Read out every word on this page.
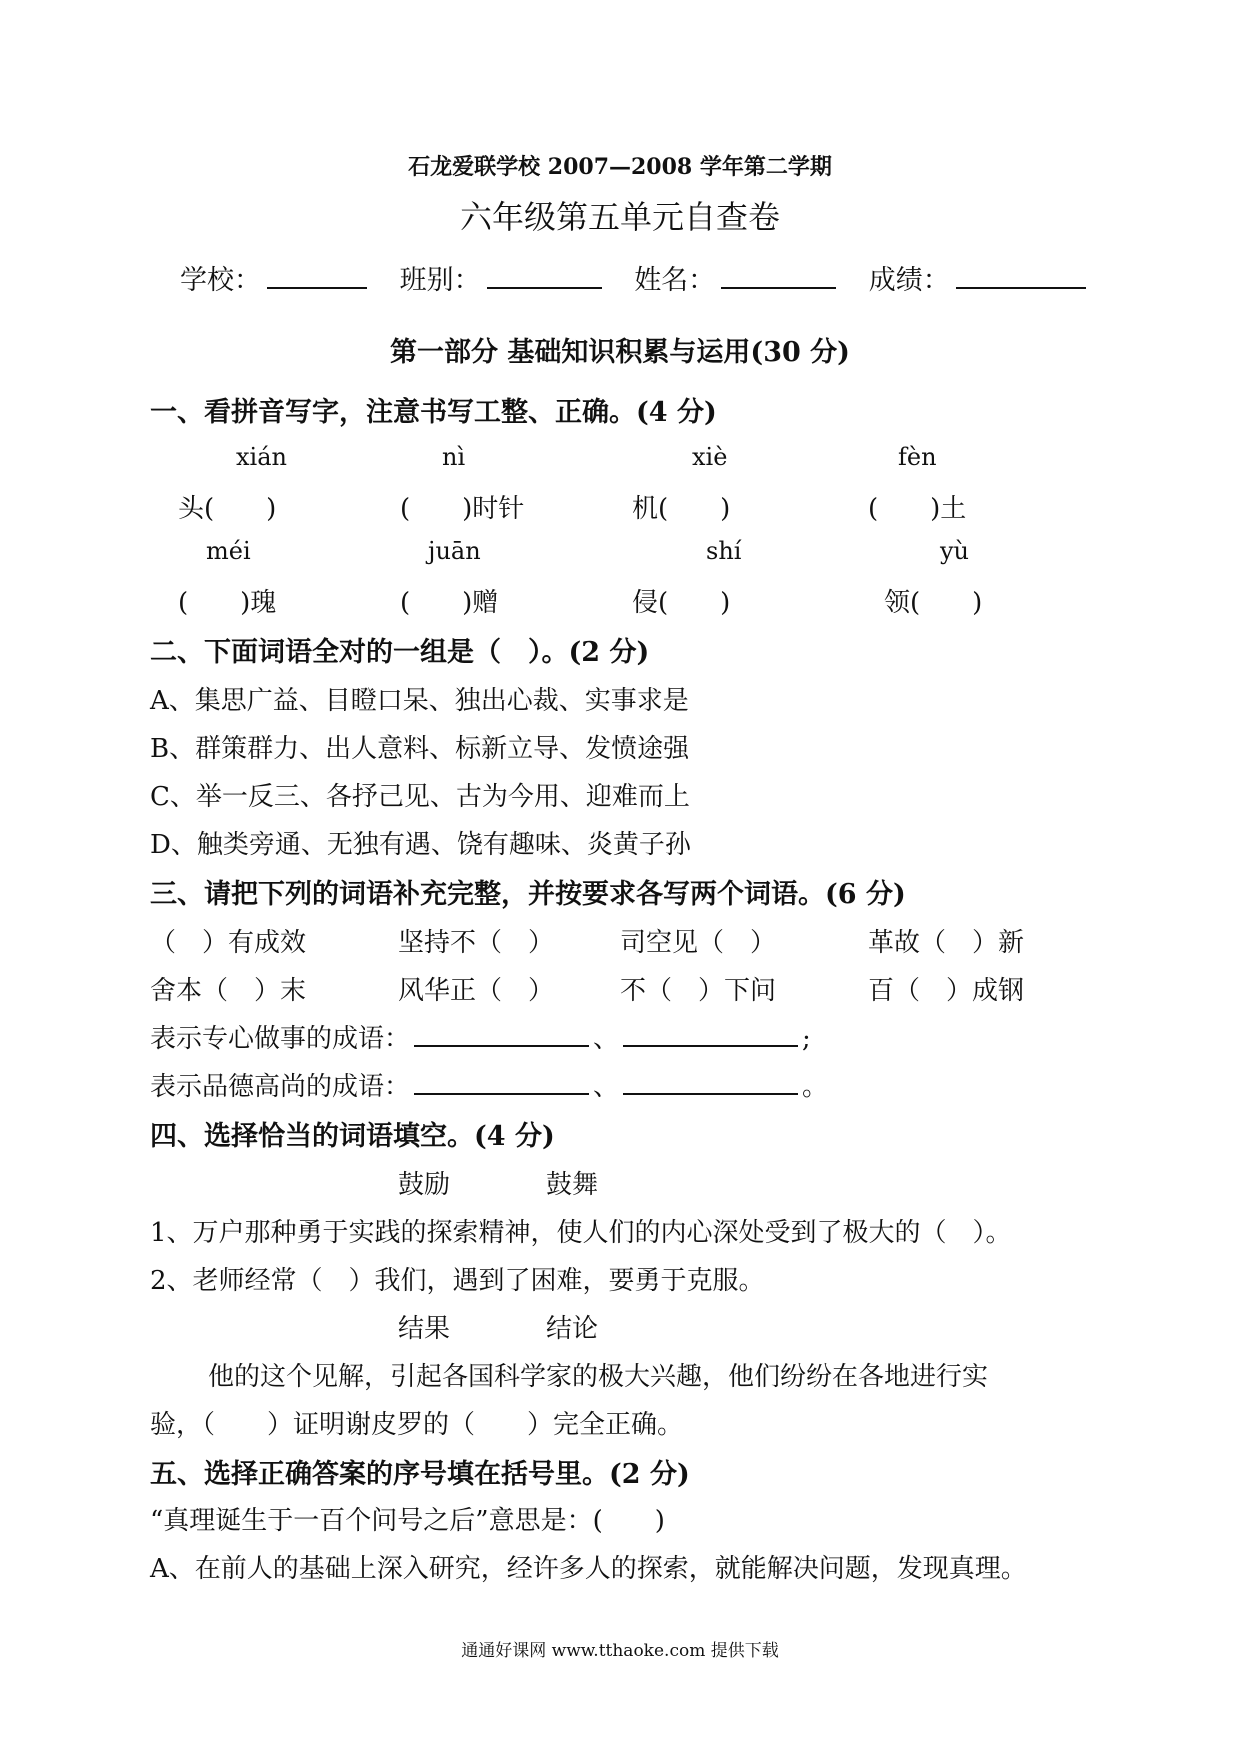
石龙爱联学校 2007—2008 学年第二学期
六年级第五单元自查卷
学校：	班别：	姓名：	成绩：
第一部分 基础知识积累与运用(30 分)
一、看拼音写字，注意书写工整、正确。(4 分)
xián	nì	xiè	fèn
头(　　)	(　　)时针	机(　　)	(　　)土
méi	juān	shí	yù
(　　)瑰	(　　)赠	侵(　　)	领(　　)
二、下面词语全对的一组是（　）。(2 分)
A、集思广益、目瞪口呆、独出心裁、实事求是
B、群策群力、出人意料、标新立导、发愤途强
C、举一反三、各抒己见、古为今用、迎难而上
D、触类旁通、无独有遇、饶有趣味、炎黄子孙
三、请把下列的词语补充完整，并按要求各写两个词语。(6 分)
（　）有成效	坚持不（　）	司空见（　）	革故（　）新
舍本（　）末	风华正（　）	不（　）下问	百（　）成钢
表示专心做事的成语：	、	;
表示品德高尚的成语：	、	。
四、选择恰当的词语填空。(4 分)
鼓励	鼓舞
1、万户那种勇于实践的探索精神，使人们的内心深处受到了极大的（　）。
2、老师经常（　）我们，遇到了困难，要勇于克服。
结果	结论
他的这个见解，引起各国科学家的极大兴趣，他们纷纷在各地进行实
验，（　　）证明谢皮罗的（　　）完全正确。
五、选择正确答案的序号填在括号里。(2 分)
“真理诞生于一百个问号之后”意思是：(　　)
A、在前人的基础上深入研究，经许多人的探索，就能解决问题，发现真理。
通通好课网 www.tthaoke.com 提供下载
